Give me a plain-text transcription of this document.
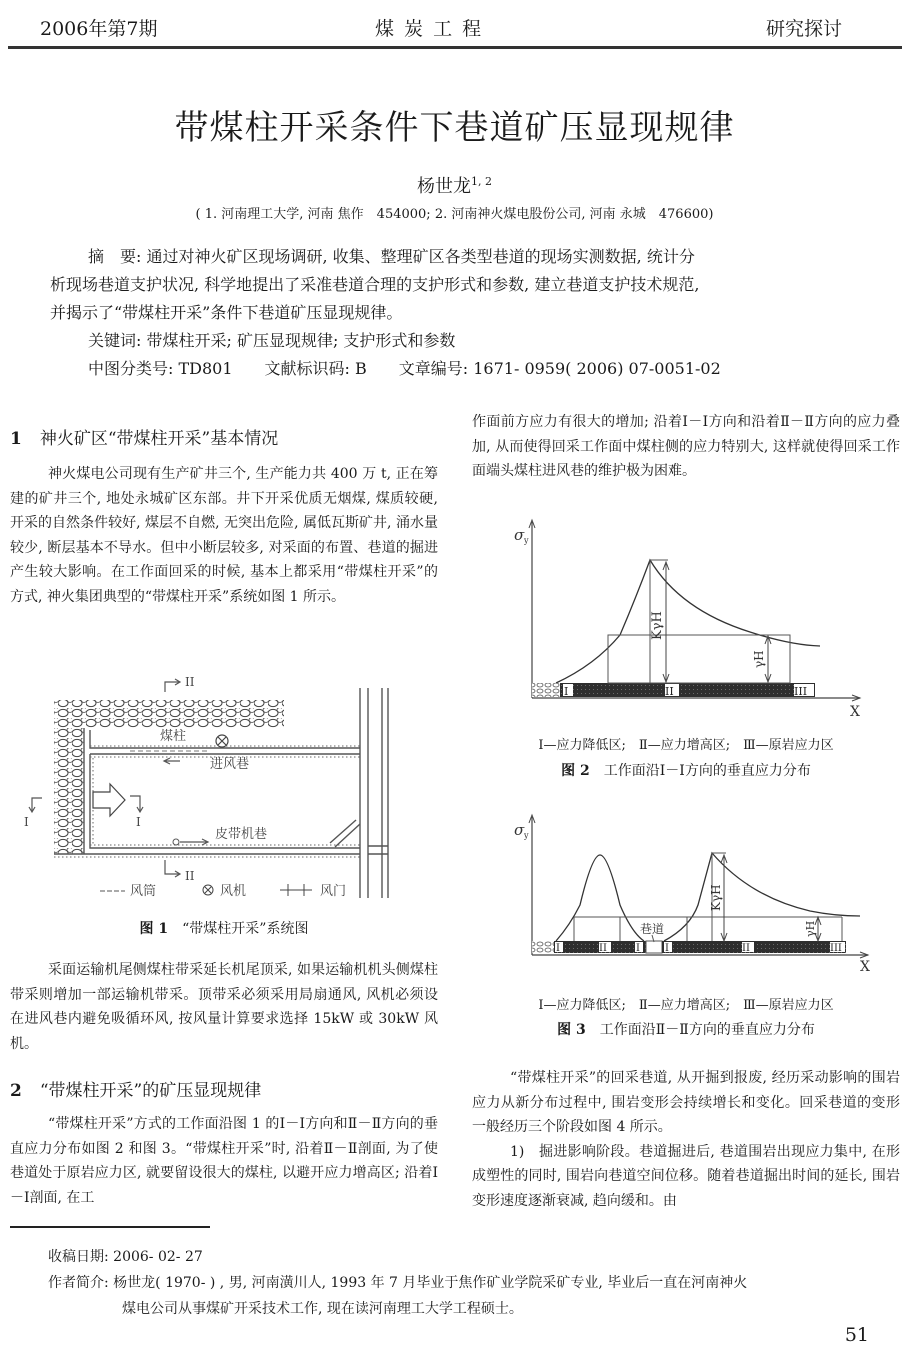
2006年第7期	煤 炭 工 程	研究探讨
带煤柱开采条件下巷道矿压显现规律
杨世龙$^{1, 2}$
( 1. 河南理工大学, 河南 焦作　454000; 2. 河南神火煤电股份公司, 河南 永城　476600)

摘　要: 通过对神火矿区现场调研, 收集、整理矿区各类型巷道的现场实测数据, 统计分

析现场巷道支护状况, 科学地提出了采准巷道合理的支护形式和参数, 建立巷道支护技术规范,

并揭示了“带煤柱开采”条件下巷道矿压显现规律。

关键词: 带煤柱开采; 矿压显现规律; 支护形式和参数

中图分类号: TD801　　文献标识码: B　　文章编号: 1671- 0959( 2006) 07-0051-02

1 神火矿区“带煤柱开采”基本情况

神火煤电公司现有生产矿井三个, 生产能力共 400 万 t, 正在筹建的矿井三个, 地处永城矿区东部。井下开采优质无烟煤, 煤质较硬, 开采的自然条件较好, 煤层不自燃, 无突出危险, 属低瓦斯矿井, 涌水量较少, 断层基本不导水。但中小断层较多, 对采面的布置、巷道的掘进产生较大影响。在工作面回采的时候, 基本上都采用“带煤柱开采”的方式, 神火集团典型的“带煤柱开采”系统如图 1 所示。

II
II
I	I
煤柱
进风巷
皮带机巷
风筒	风机	风门
图 1　 “带煤柱开采”系统图

采面运输机尾侧煤柱带采延长机尾顶采, 如果运输机机头侧煤柱带采则增加一部运输机带采。顶带采必须采用局扇通风, 风机必须设在进风巷内避免吸循环风, 按风量计算要求选择 15kW 或 30kW 风机。

2 “带煤柱开采”的矿压显现规律

“带煤柱开采”方式的工作面沿图 1 的Ⅰ－Ⅰ方向和Ⅱ－Ⅱ方向的垂直应力分布如图 2 和图 3。“带煤柱开采”时, 沿着Ⅱ－Ⅱ剖面, 为了使巷道处于原岩应力区, 就要留设很大的煤柱, 以避开应力增高区; 沿着Ⅰ－Ⅰ剖面, 在工

作面前方应力有很大的增加; 沿着Ⅰ－Ⅰ方向和沿着Ⅱ－Ⅱ方向的应力叠加, 从而使得回采工作面中煤柱侧的应力特别大, 这样就使得回采工作面端头煤柱进风巷的维护极为困难。

σ y
X
KγH
γH
I	II	III
Ⅰ—应力降低区;　Ⅱ—应力增高区;　Ⅲ—原岩应力区
图 2　 工作面沿Ⅰ－Ⅰ方向的垂直应力分布
σ y
X
KγH
γH
巷道
I	II	I	I	II	III
Ⅰ—应力降低区;　Ⅱ—应力增高区;　Ⅲ—原岩应力区
图 3　 工作面沿Ⅱ－Ⅱ方向的垂直应力分布

“带煤柱开采”的回采巷道, 从开掘到报废, 经历采动影响的围岩应力从新分布过程中, 围岩变形会持续增长和变化。回采巷道的变形一般经历三个阶段如图 4 所示。

1)　掘进影响阶段。巷道掘进后, 巷道围岩出现应力集中, 在形成塑性的同时, 围岩向巷道空间位移。随着巷道掘出时间的延长, 围岩变形速度逐渐衰减, 趋向缓和。由

收稿日期: 2006- 02- 27
作者简介: 杨世龙( 1970- ) , 男, 河南潢川人, 1993 年 7 月毕业于焦作矿业学院采矿专业, 毕业后一直在河南神火
煤电公司从事煤矿开采技术工作, 现在读河南理工大学工程硕士。
51
